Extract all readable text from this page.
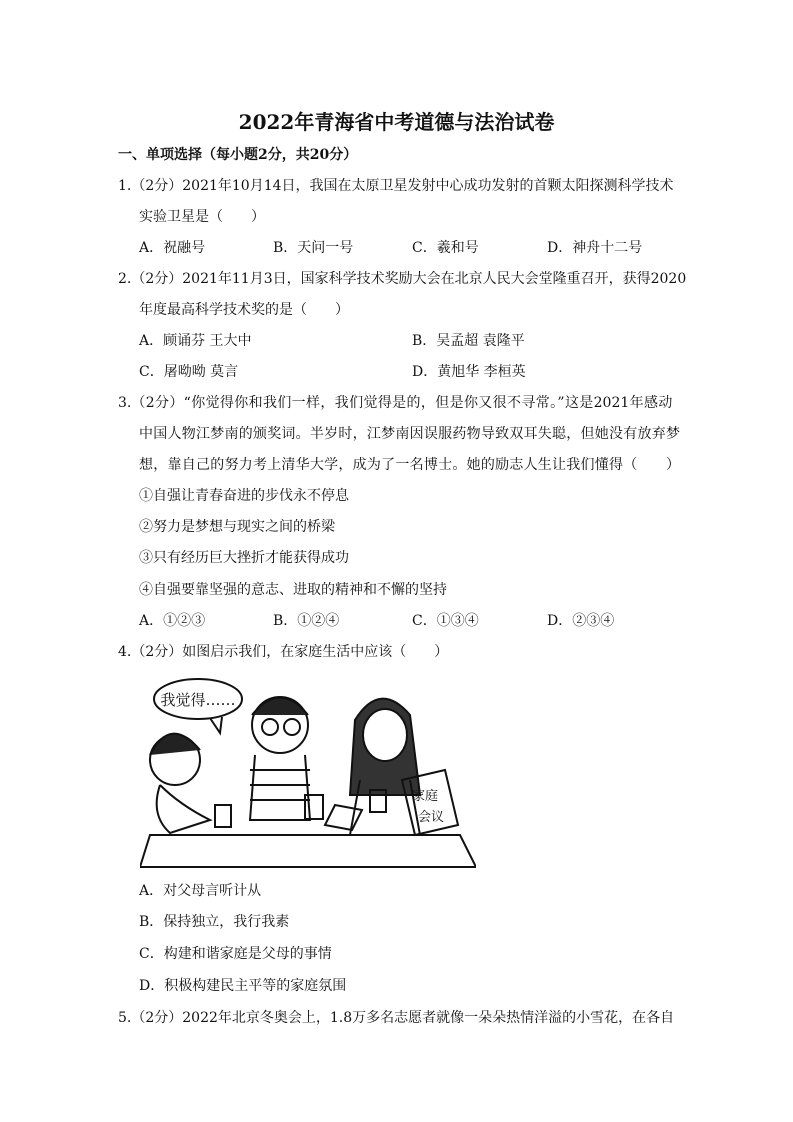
2022年青海省中考道德与法治试卷
一、单项选择（每小题2分，共20分）
1.（2分）2021年10月14日，我国在太原卫星发射中心成功发射的首颗太阳探测科学技术
实验卫星是（　　）
A．祝融号	B．天问一号	C．羲和号	D．神舟十二号
2.（2分）2021年11月3日，国家科学技术奖励大会在北京人民大会堂隆重召开，获得2020
年度最高科学技术奖的是（　　）
A．顾诵芬 王大中	B．吴孟超 袁隆平
C．屠呦呦 莫言	D．黄旭华 李桓英
3.（2分）“你觉得你和我们一样，我们觉得是的，但是你又很不寻常。”这是2021年感动
中国人物江梦南的颁奖词。半岁时，江梦南因误服药物导致双耳失聪，但她没有放弃梦
想，靠自己的努力考上清华大学，成为了一名博士。她的励志人生让我们懂得（　　）
①自强让青春奋进的步伐永不停息
②努力是梦想与现实之间的桥梁
③只有经历巨大挫折才能获得成功
④自强要靠坚强的意志、进取的精神和不懈的坚持
A．①②③	B．①②④	C．①③④	D．②③④
4.（2分）如图启示我们，在家庭生活中应该（　　）
我觉得……
家庭
会议
A．对父母言听计从
B．保持独立，我行我素
C．构建和谐家庭是父母的事情
D．积极构建民主平等的家庭氛围
5.（2分）2022年北京冬奥会上，1.8万多名志愿者就像一朵朵热情洋溢的小雪花，在各自
